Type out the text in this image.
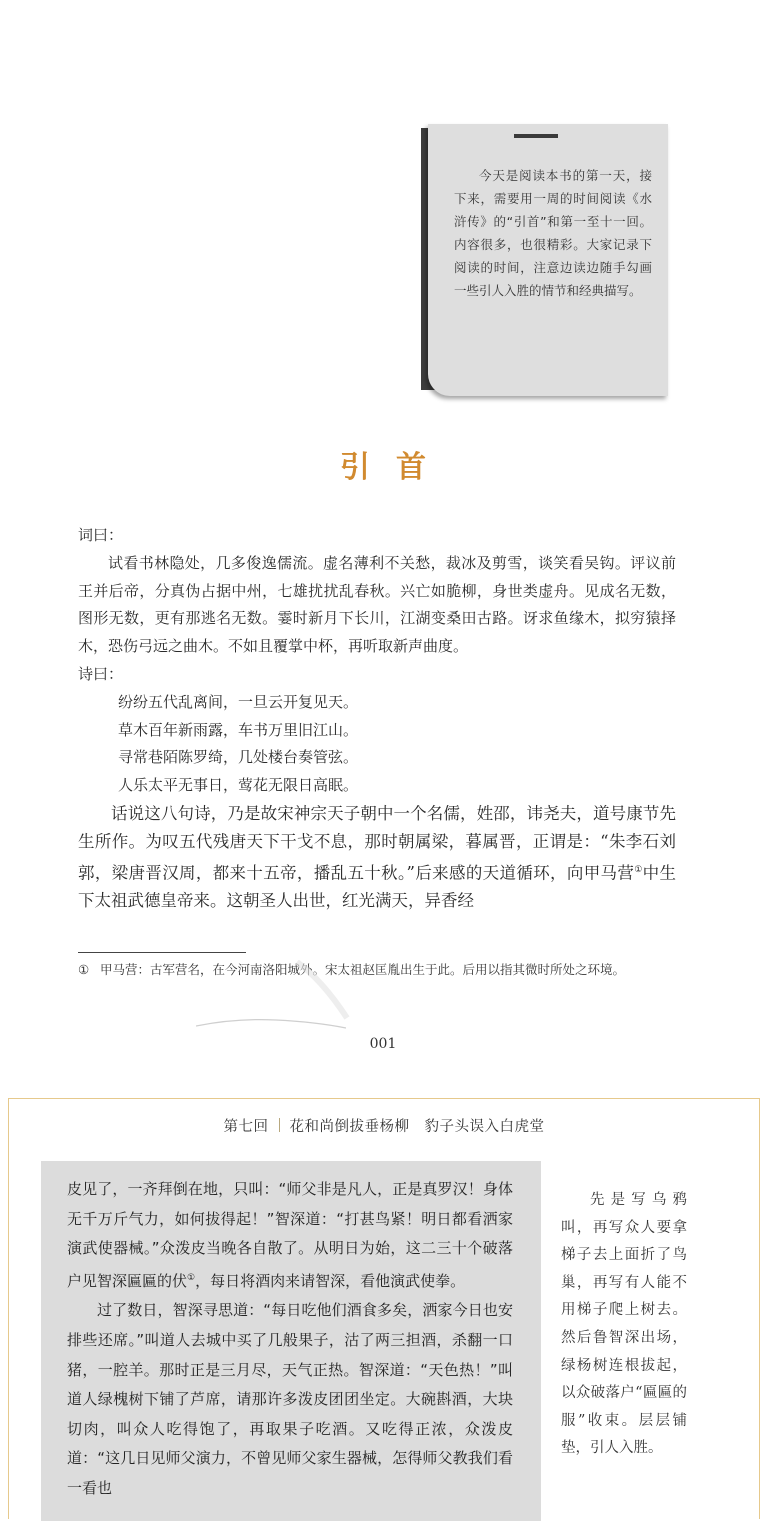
今天是阅读本书的第一天，接下来，需要用一周的时间阅读《水浒传》的“引首”和第一至十一回。内容很多，也很精彩。大家记录下阅读的时间，注意边读边随手勾画一些引人入胜的情节和经典描写。
引首

词曰：

试看书林隐处，几多俊逸儒流。虚名薄利不关愁，裁冰及剪雪，谈笑看吴钩。评议前王并后帝，分真伪占据中州，七雄扰扰乱春秋。兴亡如脆柳，身世类虚舟。见成名无数，图形无数，更有那逃名无数。霎时新月下长川，江湖变桑田古路。讶求鱼缘木，拟穷猿择木，恐伤弓远之曲木。不如且覆掌中杯，再听取新声曲度。

诗曰：

纷纷五代乱离间，一旦云开复见天。

草木百年新雨露，车书万里旧江山。

寻常巷陌陈罗绮，几处楼台奏管弦。

人乐太平无事日，莺花无限日高眠。

话说这八句诗，乃是故宋神宗天子朝中一个名儒，姓邵，讳尧夫，道号康节先生所作。为叹五代残唐天下干戈不息，那时朝属梁，暮属晋，正谓是：“朱李石刘郭，梁唐晋汉周，都来十五帝，播乱五十秋。”后来感的天道循环，向甲马营①中生下太祖武德皇帝来。这朝圣人出世，红光满天，异香经

① 甲马营：古军营名，在今河南洛阳城外。宋太祖赵匡胤出生于此。后用以指其微时所处之环境。
001
第七回 花和尚倒拔垂杨柳　豹子头误入白虎堂

皮见了，一齐拜倒在地，只叫：“师父非是凡人，正是真罗汉！身体无千万斤气力，如何拔得起！”智深道：“打甚鸟紧！明日都看洒家演武使器械。”众泼皮当晚各自散了。从明日为始，这二三十个破落户见智深匾匾的伏①，每日将酒肉来请智深，看他演武使拳。

过了数日，智深寻思道：“每日吃他们酒食多矣，洒家今日也安排些还席。”叫道人去城中买了几般果子，沽了两三担酒，杀翻一口猪，一腔羊。那时正是三月尽，天气正热。智深道：“天色热！”叫道人绿槐树下铺了芦席，请那许多泼皮团团坐定。大碗斟酒，大块切肉，叫众人吃得饱了，再取果子吃酒。又吃得正浓，众泼皮道：“这几日见师父演力，不曾见师父家生器械，怎得师父教我们看一看也

先是写乌鸦叫，再写众人要拿梯子去上面折了鸟巢，再写有人能不用梯子爬上树去。然后鲁智深出场，绿杨树连根拔起，以众破落户“匾匾的服”收束。层层铺垫，引人入胜。
